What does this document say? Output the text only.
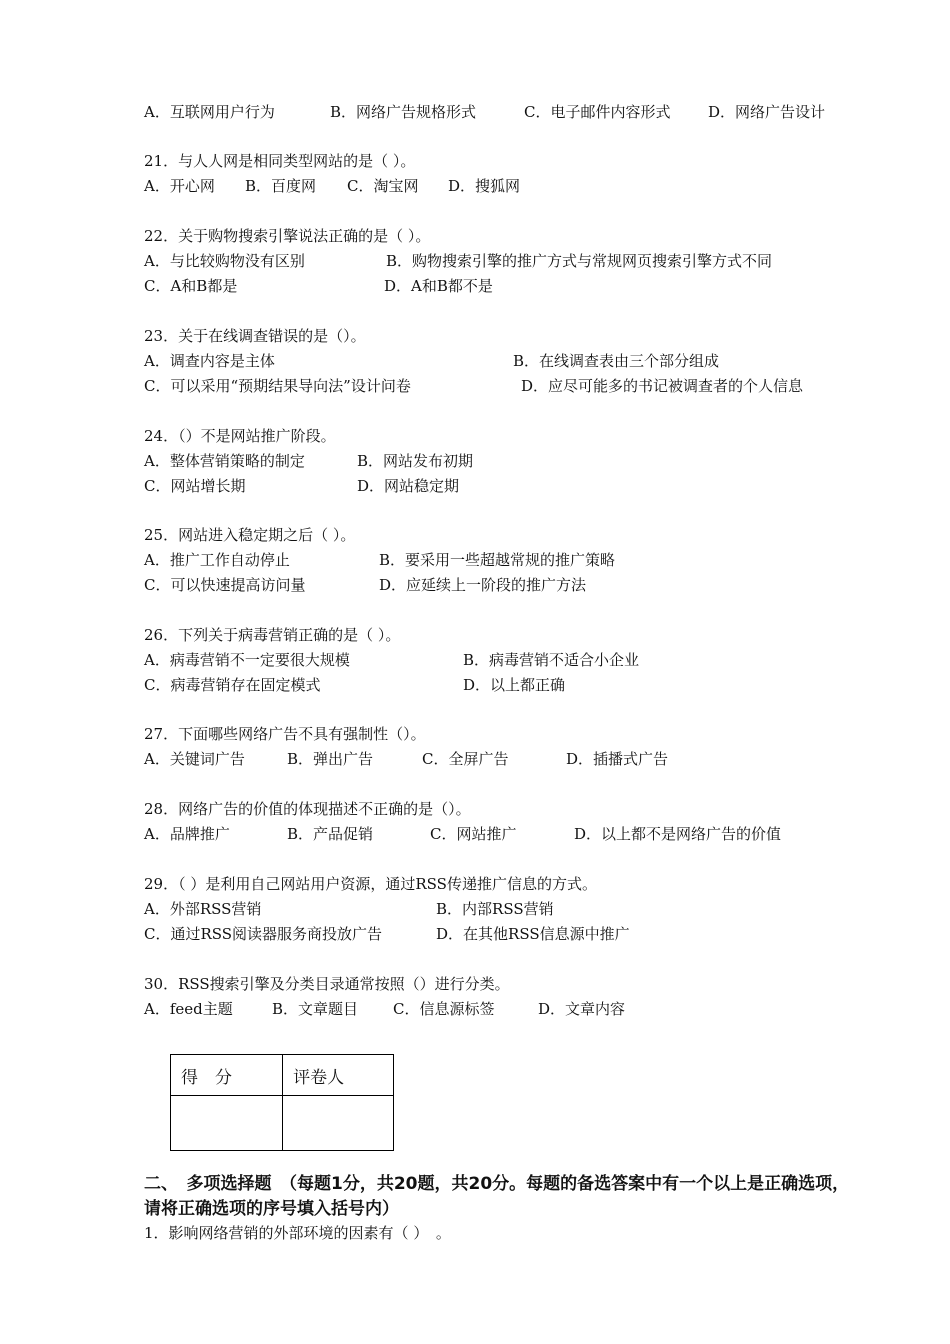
A．互联网用户行为	B．网络广告规格形式	C．电子邮件内容形式	D．网络广告设计
21．与人人网是相同类型网站的是（ ）。
A．开心网 B．百度网 C．淘宝网 D．搜狐网
22．关于购物搜索引擎说法正确的是（ ）。
A．与比较购物没有区别	B．购物搜索引擎的推广方式与常规网页搜索引擎方式不同
C．A和B都是	D．A和B都不是
23．关于在线调查错误的是（）。
A．调查内容是主体	B．在线调查表由三个部分组成
C．可以采用“预期结果导向法”设计问卷	D．应尽可能多的书记被调查者的个人信息
24．（）不是网站推广阶段。
A．整体营销策略的制定	B．网站发布初期
C．网站增长期	D．网站稳定期
25．网站进入稳定期之后（ ）。
A．推广工作自动停止	B．要采用一些超越常规的推广策略
C．可以快速提高访问量	D．应延续上一阶段的推广方法
26．下列关于病毒营销正确的是（ ）。
A．病毒营销不一定要很大规模	B．病毒营销不适合小企业
C．病毒营销存在固定模式	D．以上都正确
27．下面哪些网络广告不具有强制性（）。
A．关键词广告	B．弹出广告	C．全屏广告	D．插播式广告
28．网络广告的价值的体现描述不正确的是（）。
A．品牌推广	B．产品促销	C．网站推广	D．以上都不是网络广告的价值
29．（ ）是利用自己网站用户资源，通过RSS传递推广信息的方式。
A．外部RSS营销	B．内部RSS营销
C．通过RSS阅读器服务商投放广告	D．在其他RSS信息源中推广
30．RSS搜索引擎及分类目录通常按照（）进行分类。
A．feed主题	B．文章题目 C．信息源标签	D．文章内容
得　分	评卷人

二、　多项选择题　（每题1分，共20题，共20分。每题的备选答案中有一个以上是正确选项，请将正确选项的序号填入括号内）
1．影响网络营销的外部环境的因素有（ ）　。
